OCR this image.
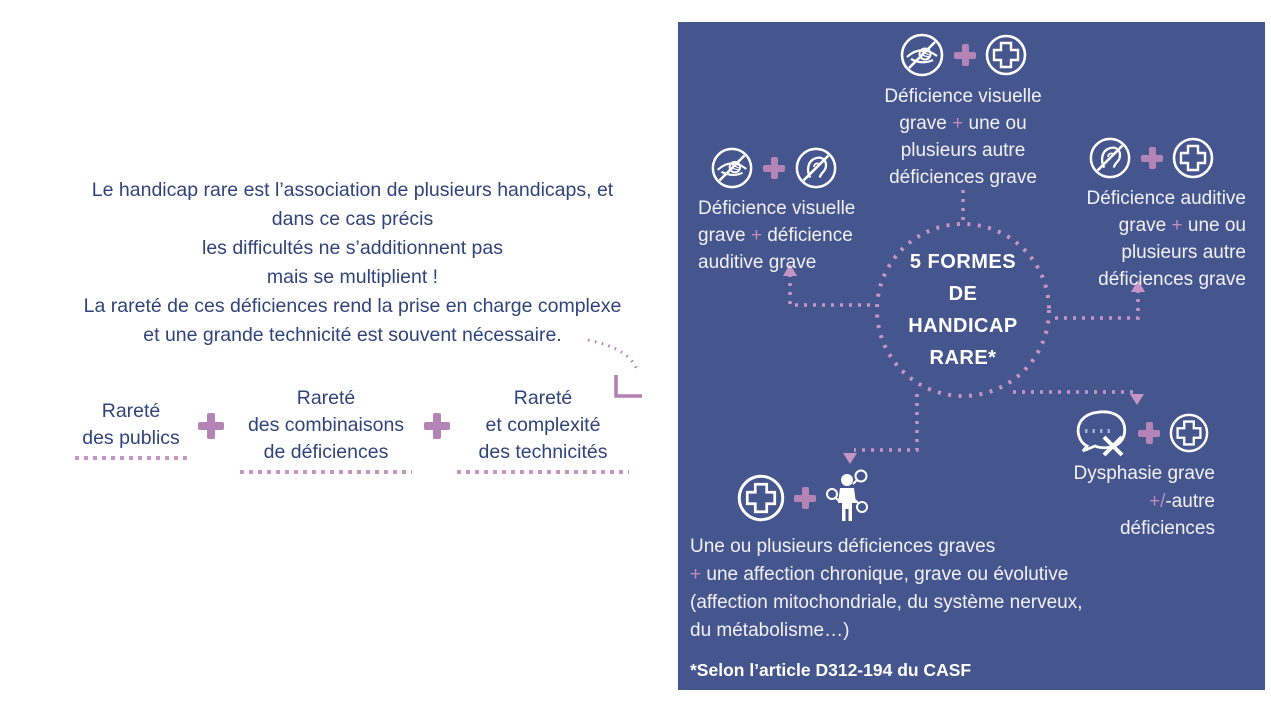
Le handicap rare est l’association de plusieurs handicaps, et
dans ce cas précis
les difficultés ne s’additionnent pas
mais se multiplient !
La rareté de ces déficiences rend la prise en charge complexe
et une grande technicité est souvent nécessaire.
Rareté
des publics
Rareté
des combinaisons
de déficiences
Rareté
et complexité
des technicités
5 FORMES
DE
HANDICAP
RARE*
Déficience visuelle
grave + une ou
plusieurs autre
déficiences grave
Déficience visuelle
grave + déficience
auditive grave
Déficience auditive
grave + une ou
plusieurs autre
déficiences grave
Dysphasie grave
+/-autre
déficiences
Une ou plusieurs déficiences graves
+ une affection chronique, grave ou évolutive
(affection mitochondriale, du système nerveux,
du métabolisme…)
*Selon l’article D312-194 du CASF
